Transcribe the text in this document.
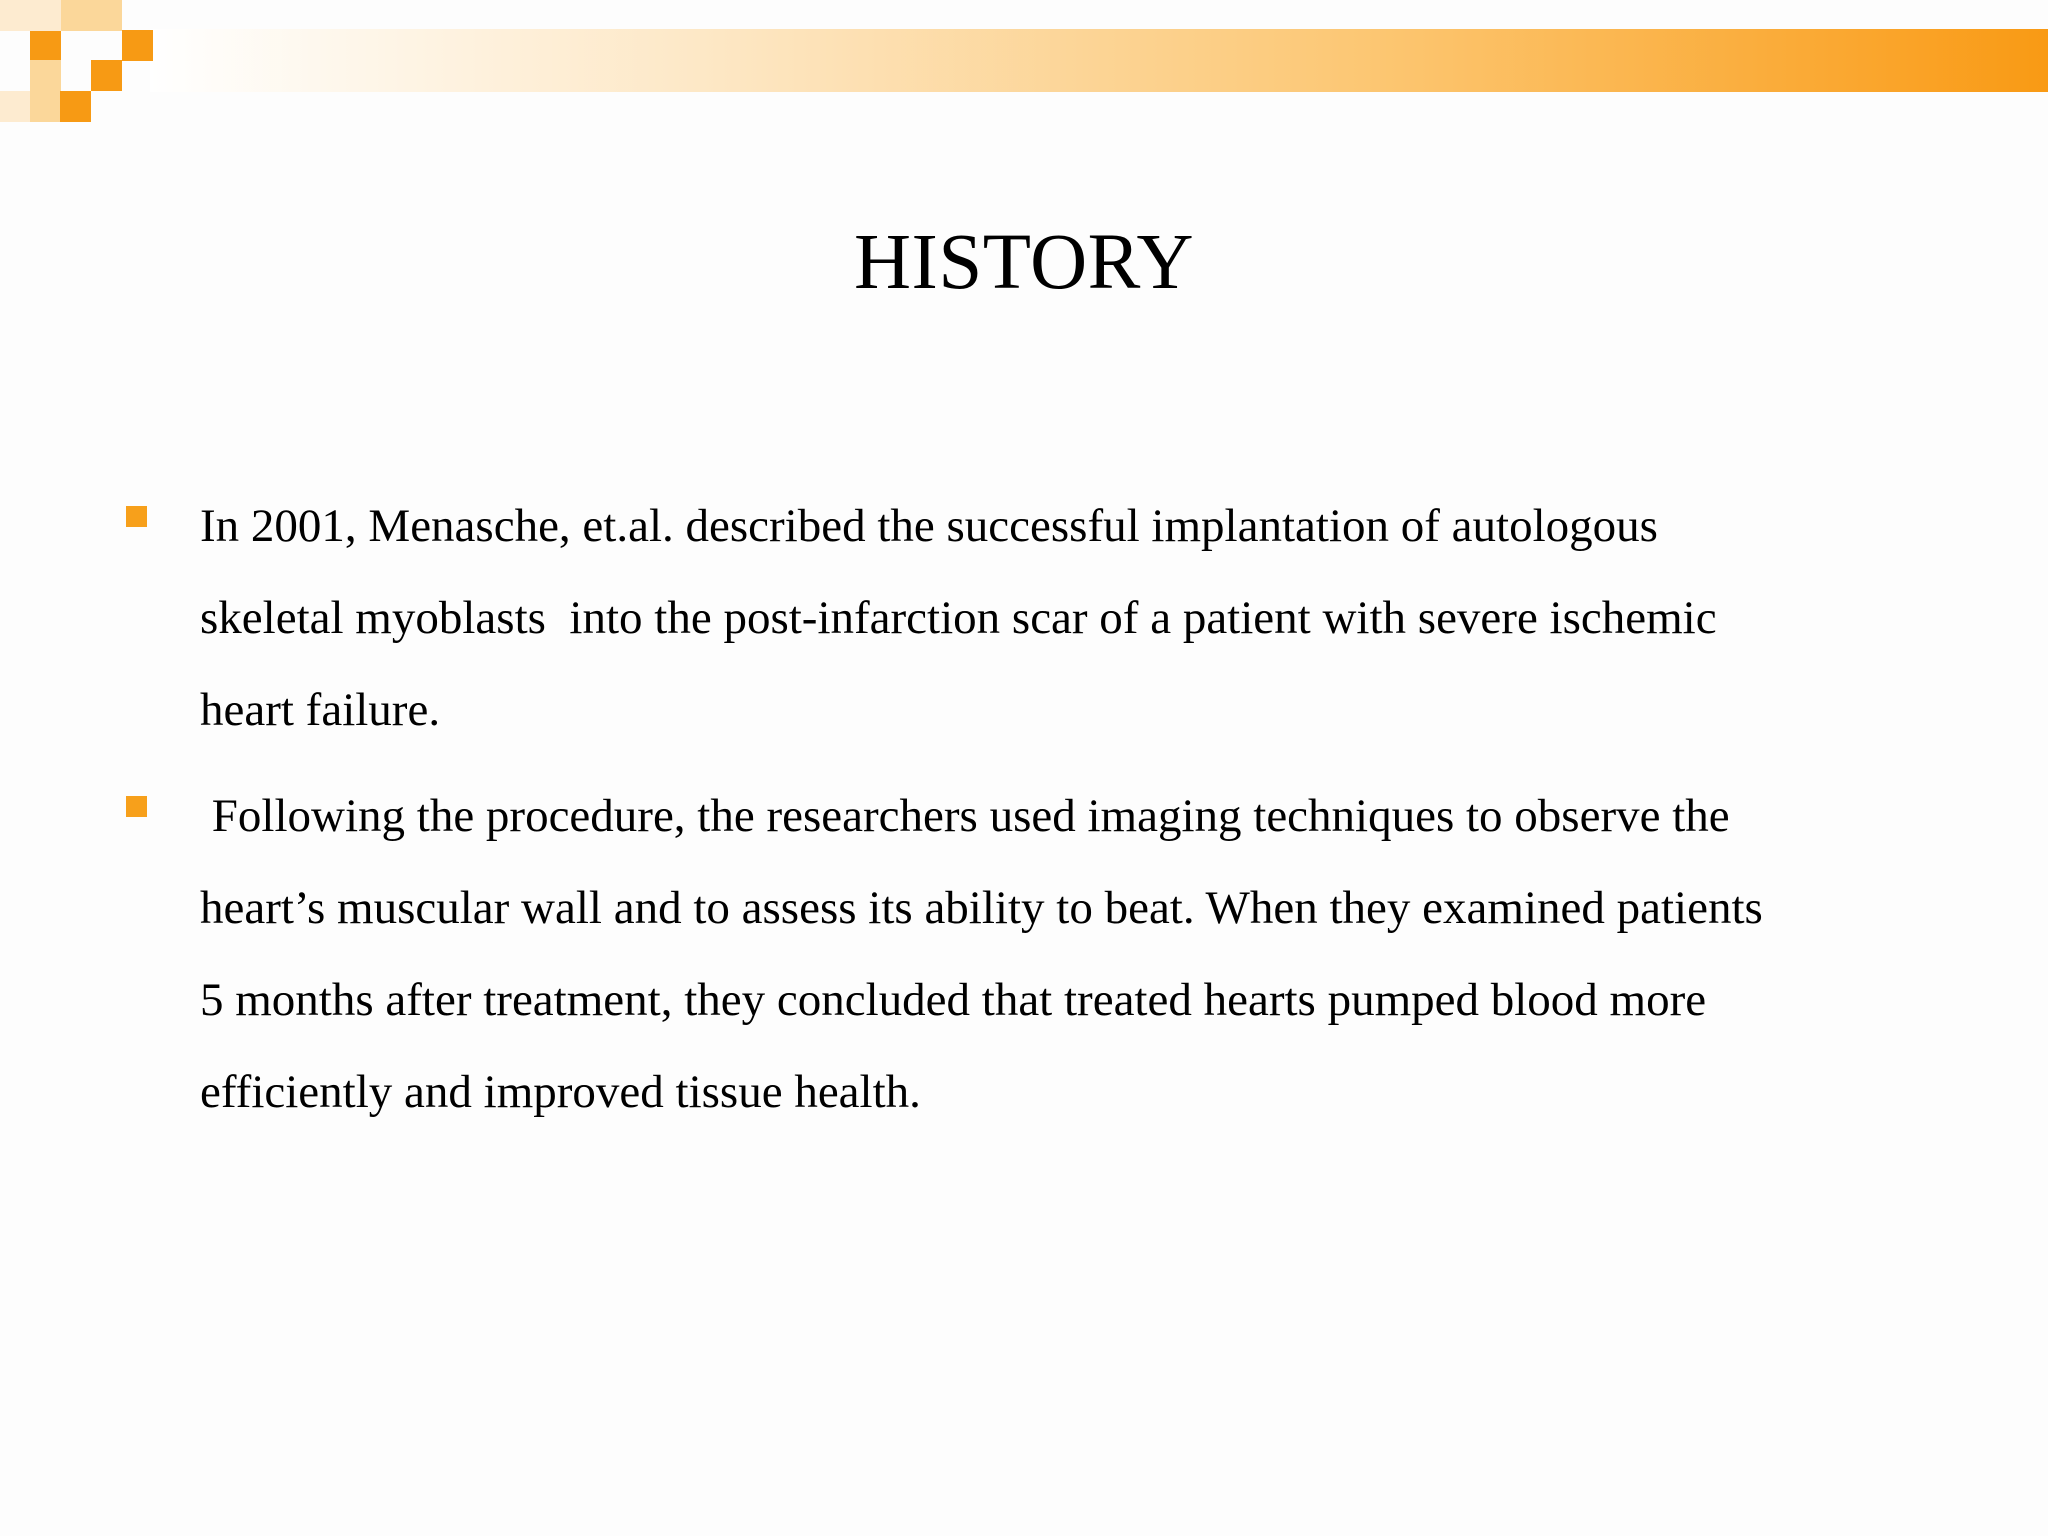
HISTORY
In 2001, Menasche, et.al. described the successful implantation of autologous
skeletal myoblasts  into the post-infarction scar of a patient with severe ischemic
heart failure.
Following the procedure, the researchers used imaging techniques to observe the
heart’s muscular wall and to assess its ability to beat. When they examined patients
5 months after treatment, they concluded that treated hearts pumped blood more
efficiently and improved tissue health.
